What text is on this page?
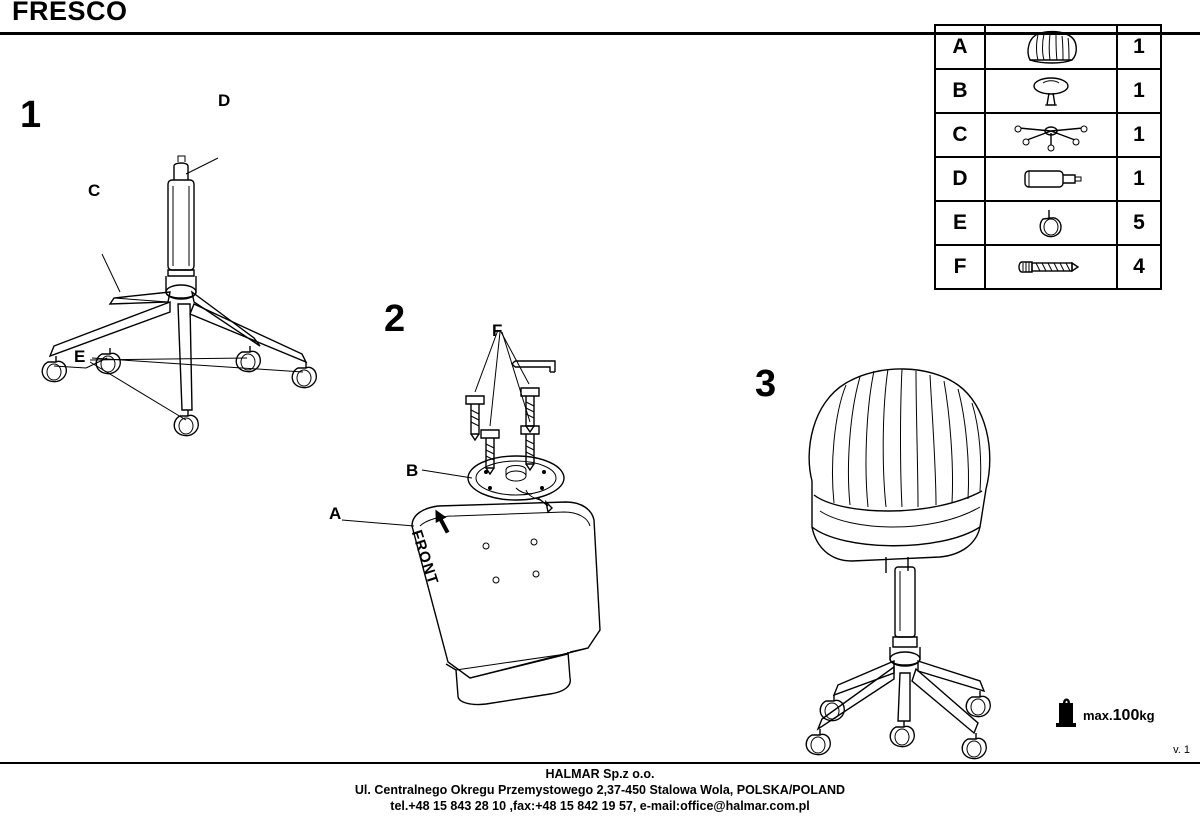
FRESCO
A		1
B		1
C		1
D		1
E		5
F		4
1	D
C
E
2	F
B
A
FRONT
3
max.100kg
v. 1
HALMAR Sp.z o.o.
Ul. Centralnego Okregu Przemystowego 2,37-450 Stalowa Wola, POLSKA/POLAND
tel.+48 15 843 28 10 ,fax:+48 15 842 19 57, e-mail:office@halmar.com.pl
